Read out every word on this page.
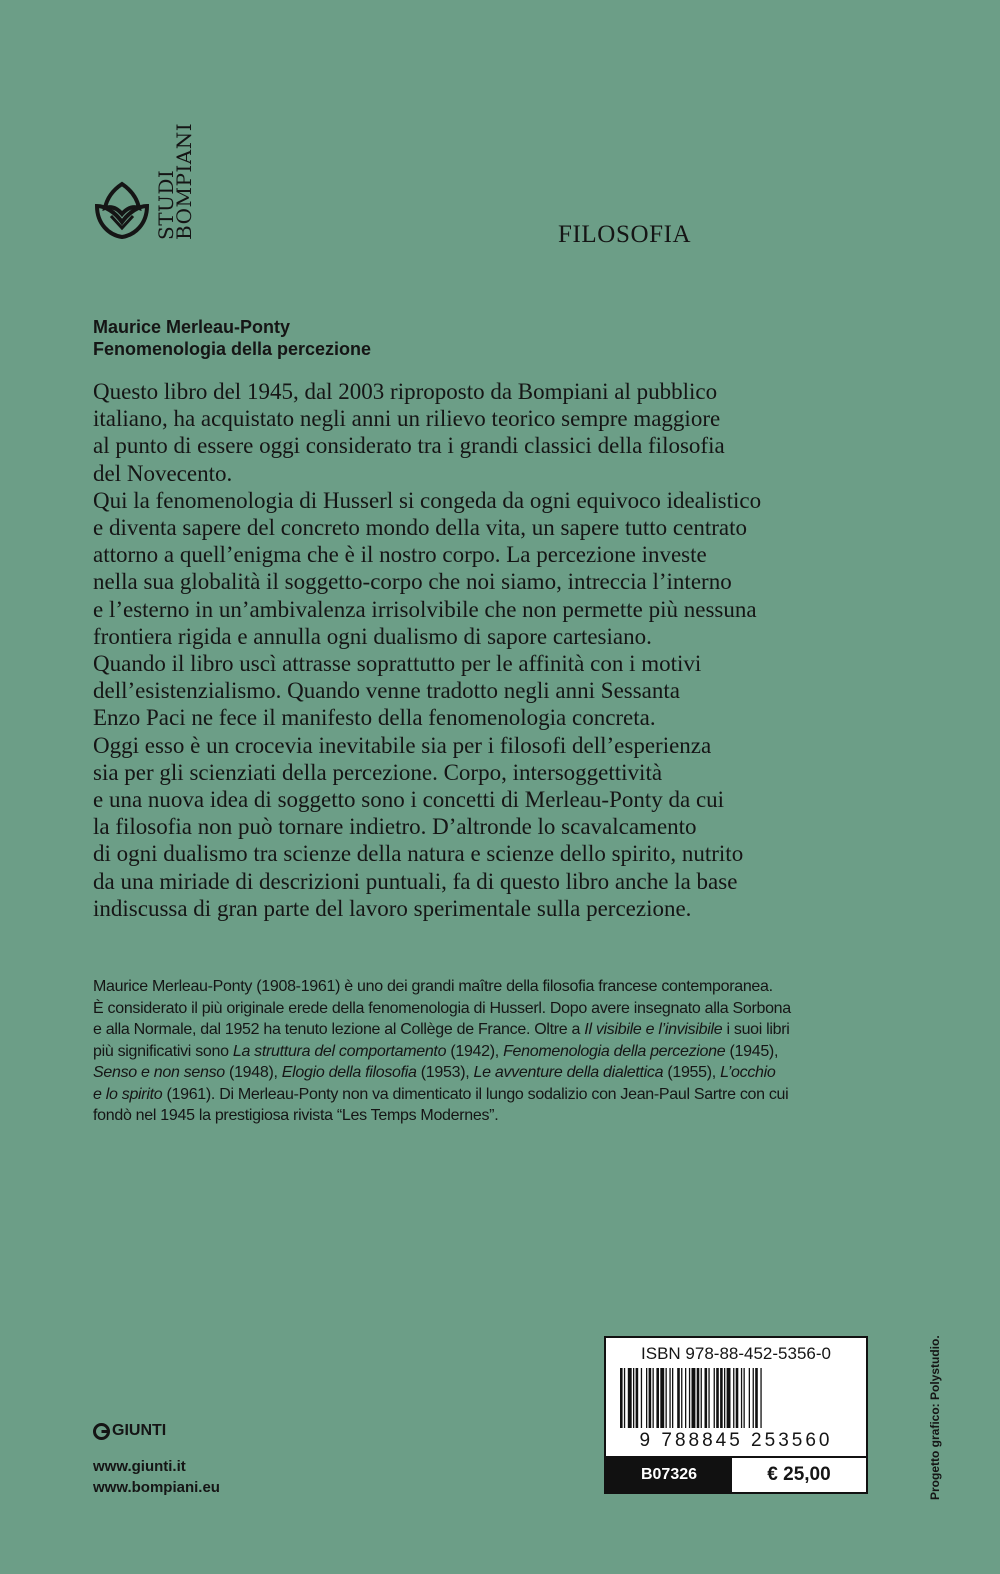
STUDI
BOMPIANI	FILOSOFIA
Maurice Merleau-Ponty
Fenomenologia della percezione

Questo libro del 1945, dal 2003 riproposto da Bompiani al pubblico

italiano, ha acquistato negli anni un rilievo teorico sempre maggiore

al punto di essere oggi considerato tra i grandi classici della filosofia

del Novecento.

Qui la fenomenologia di Husserl si congeda da ogni equivoco idealistico

e diventa sapere del concreto mondo della vita, un sapere tutto centrato

attorno a quell’enigma che è il nostro corpo. La percezione investe

nella sua globalità il soggetto-corpo che noi siamo, intreccia l’interno

e l’esterno in un’ambivalenza irrisolvibile che non permette più nessuna

frontiera rigida e annulla ogni dualismo di sapore cartesiano.

Quando il libro uscì attrasse soprattutto per le affinità con i motivi

dell’esistenzialismo. Quando venne tradotto negli anni Sessanta

Enzo Paci ne fece il manifesto della fenomenologia concreta.

Oggi esso è un crocevia inevitabile sia per i filosofi dell’esperienza

sia per gli scienziati della percezione. Corpo, intersoggettività

e una nuova idea di soggetto sono i concetti di Merleau-Ponty da cui

la filosofia non può tornare indietro. D’altronde lo scavalcamento

di ogni dualismo tra scienze della natura e scienze dello spirito, nutrito

da una miriade di descrizioni puntuali, fa di questo libro anche la base

indiscussa di gran parte del lavoro sperimentale sulla percezione.

Maurice Merleau-Ponty (1908-1961) è uno dei grandi maître della filosofia francese contemporanea.

È considerato il più originale erede della fenomenologia di Husserl. Dopo avere insegnato alla Sorbona

e alla Normale, dal 1952 ha tenuto lezione al Collège de France. Oltre a Il visibile e l’invisibile i suoi libri

più significativi sono La struttura del comportamento (1942), Fenomenologia della percezione (1945),

Senso e non senso (1948), Elogio della filosofia (1953), Le avventure della dialettica (1955), L’occhio

e lo spirito (1961). Di Merleau-Ponty non va dimenticato il lungo sodalizio con Jean-Paul Sartre con cui

fondò nel 1945 la prestigiosa rivista “Les Temps Modernes”.

GIUNTI
www.giunti.it
www.bompiani.eu
ISBN 978-88-452-5356-0
9 788845 253560
B07326	€ 25,00	Progetto grafico: Polystudio.
